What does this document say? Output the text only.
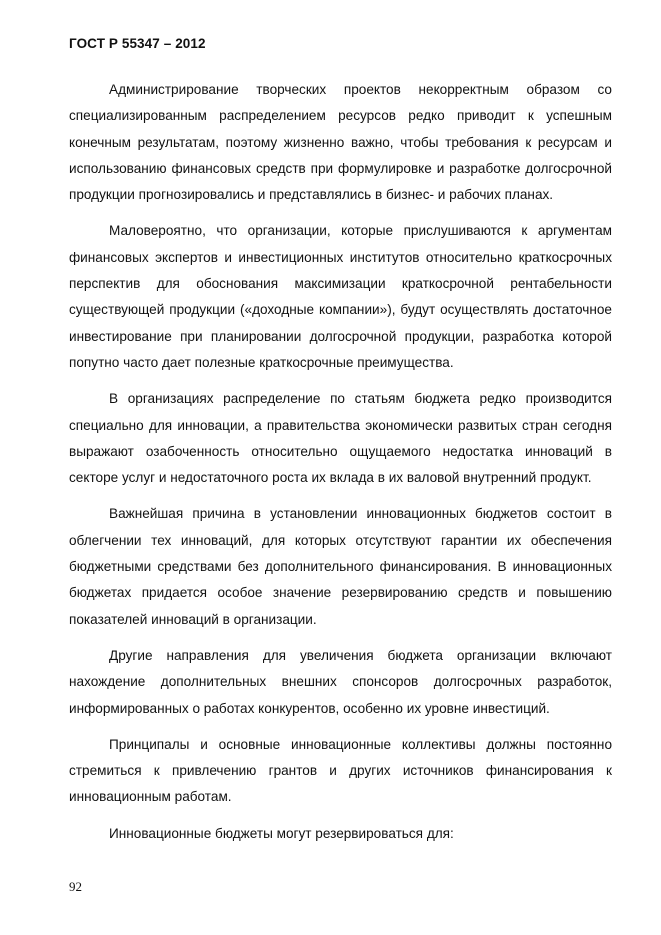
ГОСТ Р 55347 – 2012

Администрирование творческих проектов некорректным образом со специализированным распределением ресурсов редко приводит к успешным конечным результатам, поэтому жизненно важно, чтобы требования к ресурсам и использованию финансовых средств при формулировке и разработке долгосрочной продукции прогнозировались и представлялись в бизнес- и рабочих планах.

Маловероятно, что организации, которые прислушиваются к аргументам финансовых экспертов и инвестиционных институтов относительно краткосрочных перспектив для обоснования максимизации краткосрочной рентабельности существующей продукции («доходные компании»), будут осуществлять достаточное инвестирование при планировании долгосрочной продукции, разработка которой попутно часто дает полезные краткосрочные преимущества.

В организациях распределение по статьям бюджета редко производится специально для инновации, а правительства экономически развитых стран сегодня выражают озабоченность относительно ощущаемого недостатка инноваций в секторе услуг и недостаточного роста их вклада в их валовой внутренний продукт.

Важнейшая причина в установлении инновационных бюджетов состоит в облегчении тех инноваций, для которых отсутствуют гарантии их обеспечения бюджетными средствами без дополнительного финансирования. В инновационных бюджетах придается особое значение резервированию средств и повышению показателей инноваций в организации.

Другие направления для увеличения бюджета организации включают нахождение дополнительных внешних спонсоров долгосрочных разработок, информированных о работах конкурентов, особенно их уровне инвестиций.

Принципалы и основные инновационные коллективы должны постоянно стремиться к привлечению грантов и других источников финансирования к инновационным работам.

Инновационные бюджеты могут резервироваться для:

92
